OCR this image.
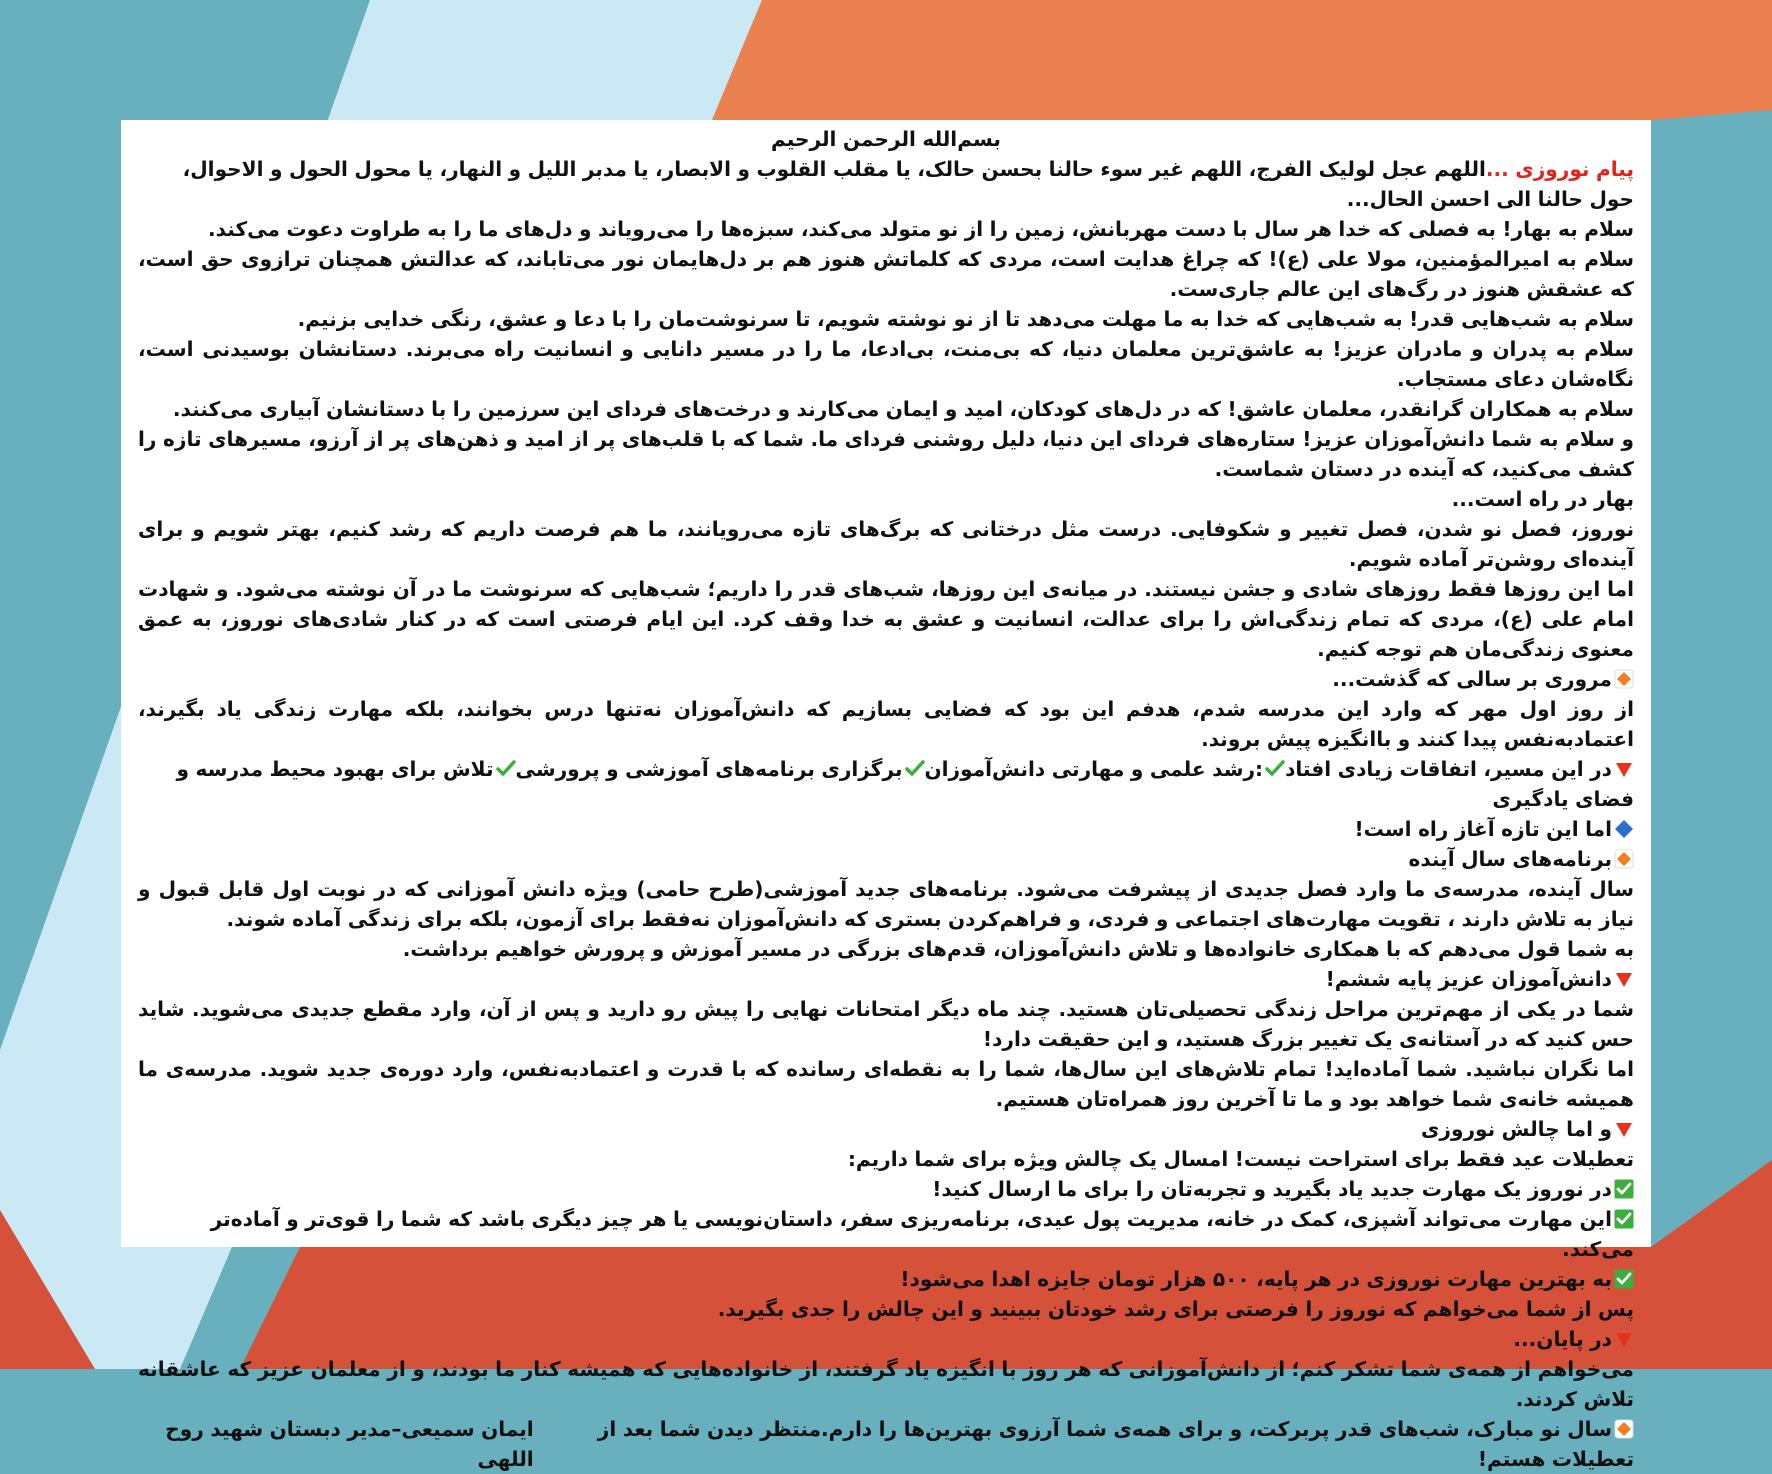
بسم‌الله الرحمن الرحیم

پیام نوروزی ...اللهم عجل لولیک الفرج، اللهم غیر سوء حالنا بحسن حالک، یا مقلب القلوب و الابصار، یا مدبر اللیل و النهار، یا محول الحول و الاحوال، حول حالنا الی احسن الحال...

سلام به بهار! به فصلی که خدا هر سال با دست مهربانش، زمین را از نو متولد می‌کند، سبزه‌ها را می‌رویاند و دل‌های ما را به طراوت دعوت می‌کند.

سلام به امیرالمؤمنین، مولا علی (ع)! که چراغ هدایت است، مردی که کلماتش هنوز هم بر دل‌هایمان نور می‌تاباند، که عدالتش همچنان ترازوی حق است، که عشقش هنوز در رگ‌های این عالم جاری‌ست.

سلام به شب‌هایی قدر! به شب‌هایی که خدا به ما مهلت می‌دهد تا از نو نوشته شویم، تا سرنوشت‌مان را با دعا و عشق، رنگی خدایی بزنیم.

سلام به پدران و مادران عزیز! به عاشق‌ترین معلمان دنیا، که بی‌منت، بی‌ادعا، ما را در مسیر دانایی و انسانیت راه می‌برند. دستانشان بوسیدنی است، نگاه‌شان دعای مستجاب.

سلام به همکاران گرانقدر، معلمان عاشق! که در دل‌های کودکان، امید و ایمان می‌کارند و درخت‌های فردای این سرزمین را با دستانشان آبیاری می‌کنند.

و سلام به شما دانش‌آموزان عزیز! ستاره‌های فردای این دنیا، دلیل روشنی فردای ما. شما که با قلب‌های پر از امید و ذهن‌های پر از آرزو، مسیرهای تازه را کشف می‌کنید، که آینده در دستان شماست.

بهار در راه است...

نوروز، فصل نو شدن، فصل تغییر و شکوفایی. درست مثل درختانی که برگ‌های تازه می‌رویانند، ما هم فرصت داریم که رشد کنیم، بهتر شویم و برای آینده‌ای روشن‌تر آماده شویم.

اما این روزها فقط روزهای شادی و جشن نیستند. در میانه‌ی این روزها، شب‌های قدر را داریم؛ شب‌هایی که سرنوشت ما در آن نوشته می‌شود. و شهادت امام علی (ع)، مردی که تمام زندگی‌اش را برای عدالت، انسانیت و عشق به خدا وقف کرد. این ایام فرصتی است که در کنار شادی‌های نوروز، به عمق معنوی زندگی‌مان هم توجه کنیم.

مروری بر سالی که گذشت...

از روز اول مهر که وارد این مدرسه شدم، هدفم این بود که فضایی بسازیم که دانش‌آموزان نه‌تنها درس بخوانند، بلکه مهارت زندگی یاد بگیرند، اعتمادبه‌نفس پیدا کنند و باانگیزه پیش بروند.

در این مسیر، اتفاقات زیادی افتاد
:رشد علمی و مهارتی دانش‌آموزان
برگزاری برنامه‌های آموزشی و پرورشی
تلاش برای بهبود محیط مدرسه و فضای یادگیری

اما این تازه آغاز راه است!

برنامه‌های سال آینده

سال آینده، مدرسه‌ی ما وارد فصل جدیدی از پیشرفت می‌شود. برنامه‌های جدید آموزشی(طرح حامی) ویژه دانش آموزانی که در نوبت اول قابل قبول و نیاز به تلاش دارند ، تقویت مهارت‌های اجتماعی و فردی، و فراهم‌کردن بستری که دانش‌آموزان نه‌فقط برای آزمون، بلکه برای زندگی آماده شوند.

به شما قول می‌دهم که با همکاری خانواده‌ها و تلاش دانش‌آموزان، قدم‌های بزرگی در مسیر آموزش و پرورش خواهیم برداشت.

دانش‌آموزان عزیز پایه ششم!

شما در یکی از مهم‌ترین مراحل زندگی تحصیلی‌تان هستید. چند ماه دیگر امتحانات نهایی را پیش رو دارید و پس از آن، وارد مقطع جدیدی می‌شوید. شاید حس کنید که در آستانه‌ی یک تغییر بزرگ هستید، و این حقیقت دارد!

اما نگران نباشید. شما آماده‌اید! تمام تلاش‌های این سال‌ها، شما را به نقطه‌ای رسانده که با قدرت و اعتمادبه‌نفس، وارد دوره‌ی جدید شوید. مدرسه‌ی ما همیشه خانه‌ی شما خواهد بود و ما تا آخرین روز همراه‌تان هستیم.

و اما چالش نوروزی

تعطیلات عید فقط برای استراحت نیست! امسال یک چالش ویژه برای شما داریم:

در نوروز یک مهارت جدید یاد بگیرید و تجربه‌تان را برای ما ارسال کنید!

این مهارت می‌تواند آشپزی، کمک در خانه، مدیریت پول عیدی، برنامه‌ریزی سفر، داستان‌نویسی یا هر چیز دیگری باشد که شما را قوی‌تر و آماده‌تر می‌کند.

به بهترین مهارت نوروزی در هر پایه، ۵۰۰ هزار تومان جایزه اهدا می‌شود!

پس از شما می‌خواهم که نوروز را فرصتی برای رشد خودتان ببینید و این چالش را جدی بگیرید.

در پایان...

می‌خواهم از همه‌ی شما تشکر کنم؛ از دانش‌آموزانی که هر روز با انگیزه یاد گرفتند، از خانواده‌هایی که همیشه کنار ما بودند، و از معلمان عزیز که عاشقانه تلاش کردند.

سال نو مبارک، شب‌های قدر پربرکت، و برای همه‌ی شما آرزوی بهترین‌ها را دارم.منتظر دیدن شما بعد از تعطیلات هستم!
ایمان سمیعی–مدیر دبستان شهید روح اللهی
